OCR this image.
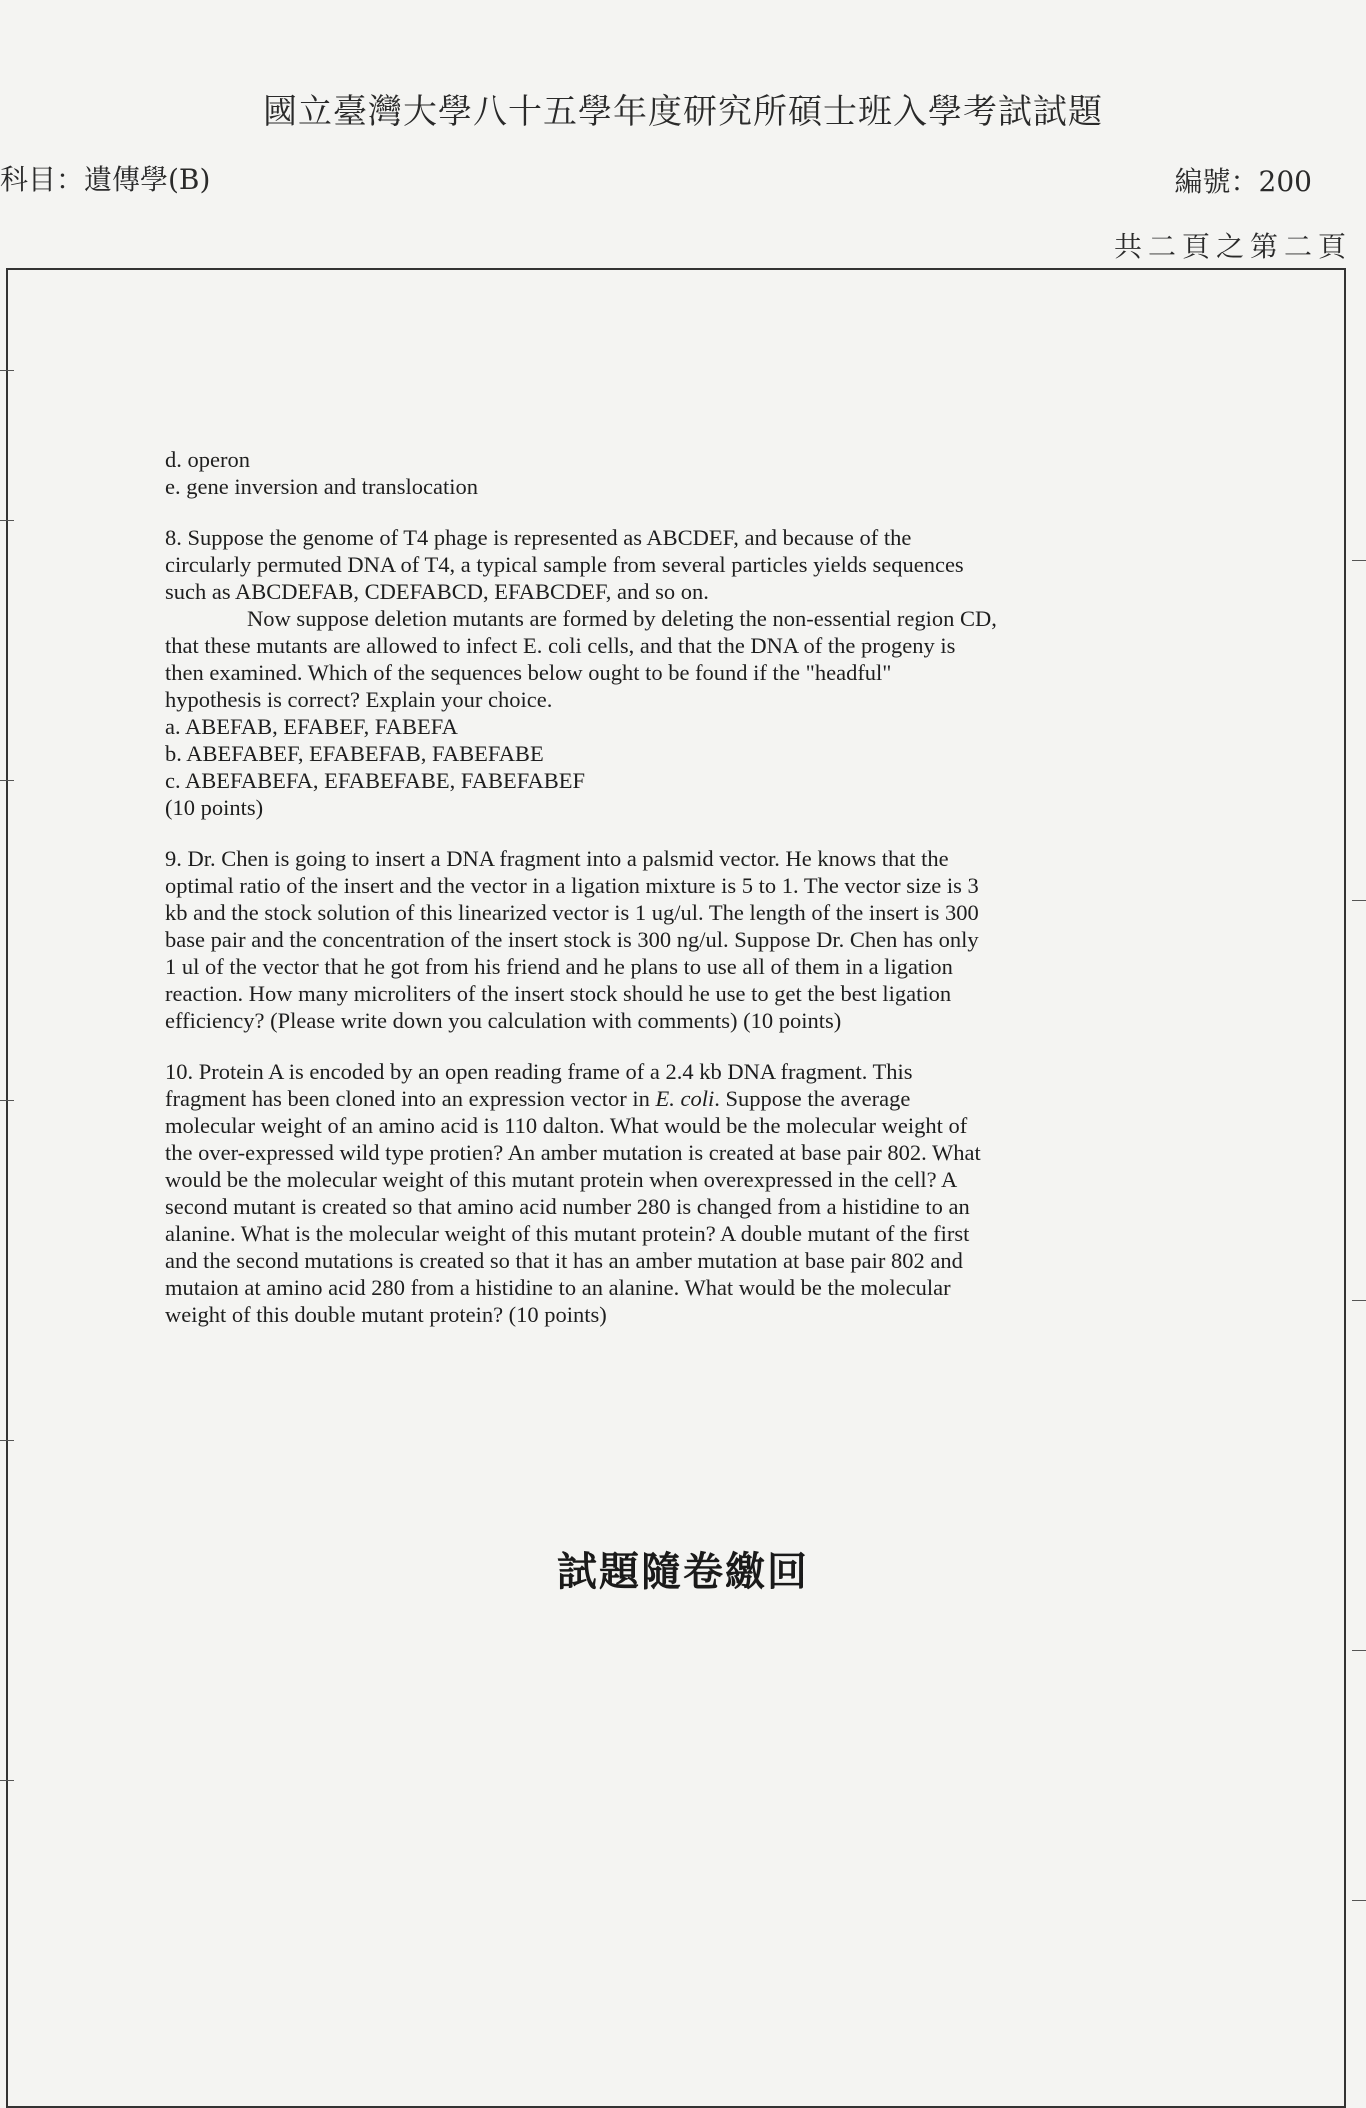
國立臺灣大學八十五學年度研究所碩士班入學考試試題
科目：遺傳學(B)	編號：200
共二頁之第二頁

d. operon

e. gene inversion and translocation

8. Suppose the genome of T4 phage is represented as ABCDEF, and because of the

circularly permuted DNA of T4, a typical sample from several particles yields sequences

such as ABCDEFAB, CDEFABCD, EFABCDEF, and so on.

Now suppose deletion mutants are formed by deleting the non-essential region CD,

that these mutants are allowed to infect E. coli cells, and that the DNA of the progeny is

then examined. Which of the sequences below ought to be found if the "headful"

hypothesis is correct? Explain your choice.

a. ABEFAB, EFABEF, FABEFA

b. ABEFABEF, EFABEFAB, FABEFABE

c. ABEFABEFA, EFABEFABE, FABEFABEF

(10 points)

9. Dr. Chen is going to insert a DNA fragment into a palsmid vector. He knows that the

optimal ratio of the insert and the vector in a ligation mixture is 5 to 1. The vector size is 3

kb and the stock solution of this linearized vector is 1 ug/ul. The length of the insert is 300

base pair and the concentration of the insert stock is 300 ng/ul. Suppose Dr. Chen has only

1 ul of the vector that he got from his friend and he plans to use all of them in a ligation

reaction. How many microliters of the insert stock should he use to get the best ligation

efficiency? (Please write down you calculation with comments) (10 points)

10. Protein A is encoded by an open reading frame of a 2.4 kb DNA fragment. This

fragment has been cloned into an expression vector in E. coli. Suppose the average

molecular weight of an amino acid is 110 dalton. What would be the molecular weight of

the over-expressed wild type protien? An amber mutation is created at base pair 802. What

would be the molecular weight of this mutant protein when overexpressed in the cell? A

second mutant is created so that amino acid number 280 is changed from a histidine to an

alanine. What is the molecular weight of this mutant protein? A double mutant of the first

and the second mutations is created so that it has an amber mutation at base pair 802 and

mutaion at amino acid 280 from a histidine to an alanine. What would be the molecular

weight of this double mutant protein? (10 points)

試題隨卷繳回
